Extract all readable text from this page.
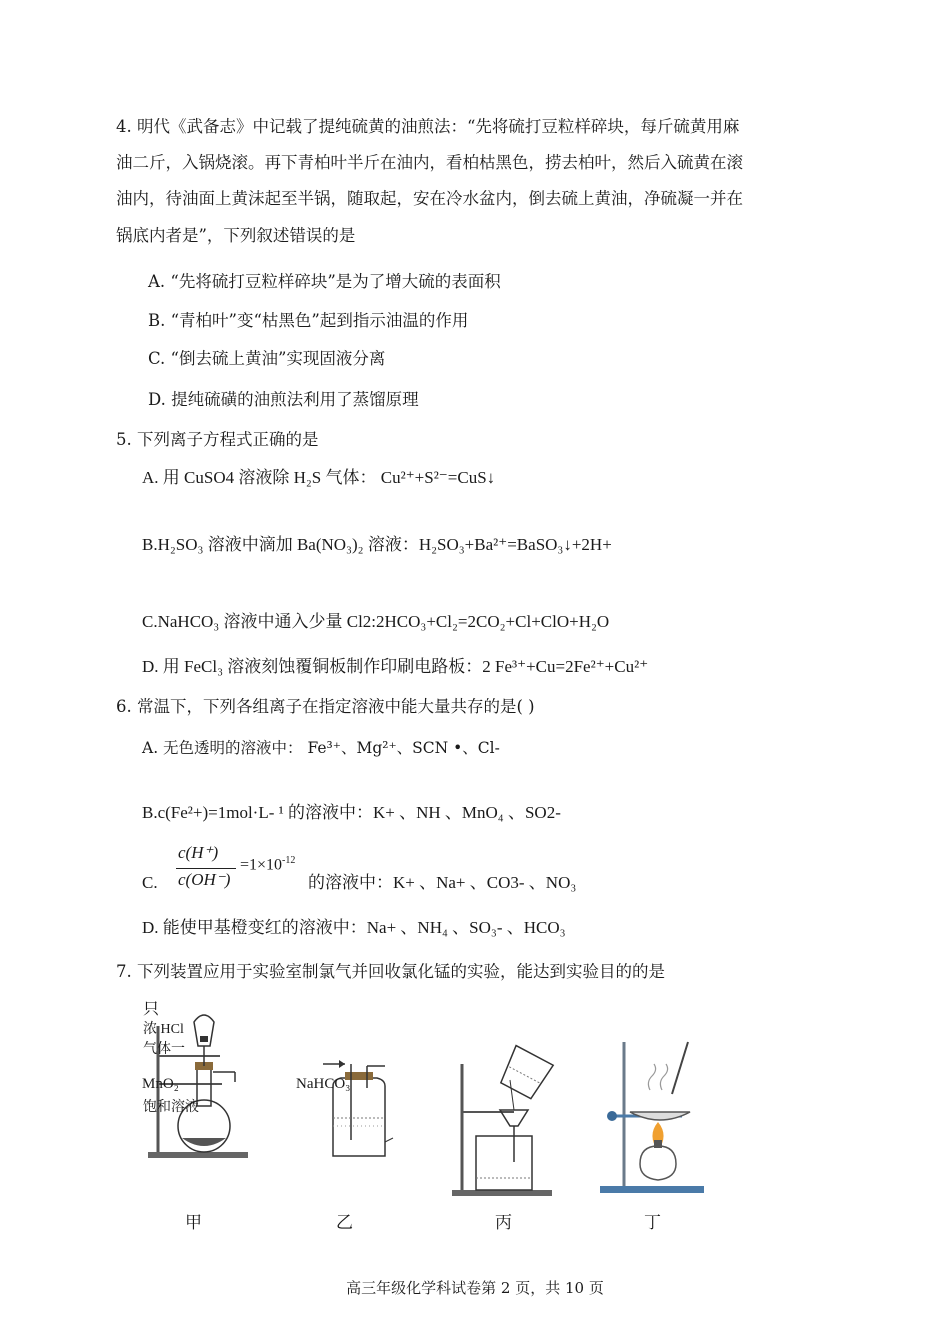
4. 明代《武备志》中记载了提纯硫黄的油煎法：“先将硫打豆粒样碎块，每斤硫黄用麻
油二斤，入锅烧滚。再下青柏叶半斤在油内，看柏枯黑色，捞去柏叶，然后入硫黄在滚
油内，待油面上黄沫起至半锅，随取起，安在冷水盆内，倒去硫上黄油，净硫凝一并在
锅底内者是”，下列叙述错误的是
A. “先将硫打豆粒样碎块”是为了增大硫的表面积
B. “青柏叶”变“枯黑色”起到指示油温的作用
C. “倒去硫上黄油”实现固液分离
D. 提纯硫磺的油煎法利用了蒸馏原理
5. 下列离子方程式正确的是
A. 用 CuSO4 溶液除 H₂S 气体： Cu²⁺+S²⁻=CuS↓
B.H₂SO₃ 溶液中滴加 Ba(NO₃)₂ 溶液：H₂SO₃+Ba²⁺=BaSO₃↓+2H+
C.NaHCO₃ 溶液中通入少量 Cl2:2HCO₃+Cl₂=2CO₂+Cl+ClO+H₂O
D. 用 FeCl₃ 溶液刻蚀覆铜板制作印刷电路板：2 Fe³⁺+Cu=2Fe²⁺+Cu²⁺
6. 常温下，下列各组离子在指定溶液中能大量共存的是( )
A. 无色透明的溶液中： Fe³⁺、Mg²⁺、SCN •、Cl-
B.c(Fe²+)=1mol·L- ¹ 的溶液中：K+ 、NH 、MnO₄ 、SO2-
C.
c(H⁺)
c(OH⁻)
$=1\times 10^{-12}$
的溶液中：K+ 、Na+ 、CO3- 、NO₃
D. 能使甲基橙变红的溶液中：Na+ 、NH₄ 、SO₃- 、HCO₃
7. 下列装置应用于实验室制氯气并回收氯化锰的实验，能达到实验目的的是
只
浓 HCl
气体一
MnO₂
饱和溶液
NaHCO₃
甲	乙	丙	丁
高三年级化学科试卷第 2 页，共 10 页
